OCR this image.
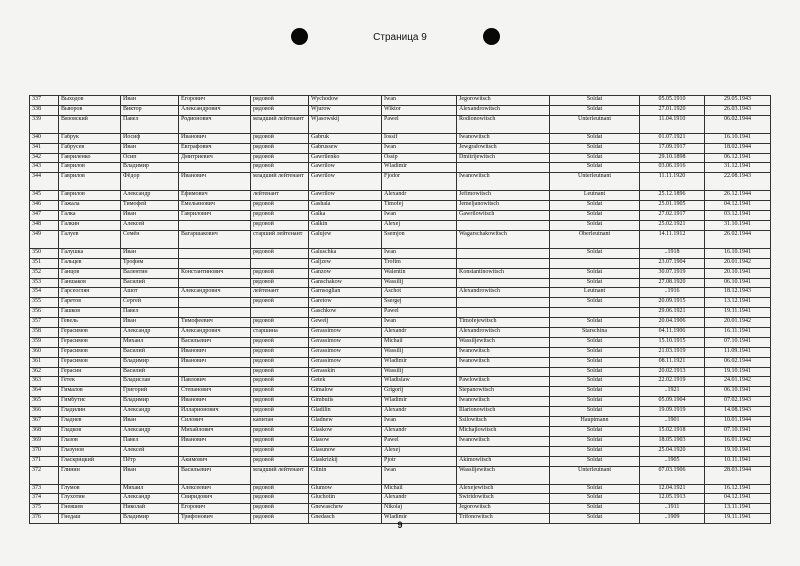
Страница 9
337	Выходов	Иван	Егорович	рядовой	Wychodow	Iwan	Jegorowitsch	Soldat	05.05.1910	29.05.1943
338	Выюров	Виктор	Александрович	рядовой	Wjurow	Wiktor	Alexandrowitsch	Soldat	27.01.1920	26.03.1943
339	Вязовский	Павел	Родионович	младший лейтенант	Wjasowskij	Pawel	Rodionowitsch	Unterleutnant	11.04.1910	06.02.1944
340	Габрук	Иосиф	Иванович	рядовой	Gabruk	Iossif	Iwanowitsch	Soldat	01.07.1921	16.10.1941
341	Габрусев	Иван	Евграфович	рядовой	Gabrussew	Iwan	Jewgrafowitsch	Soldat	17.09.1917	18.02.1944
342	Гавриленко	Осип	Дмитриевич	рядовой	Gawrilenko	Ossip	Dmitrijewitsch	Soldat	29.10.1898	06.12.1941
343	Гаврилов	Владимир		рядовой	Gawrilow	Wladimir		Soldat	03.06.1916	31.12.1941
344	Гаврилов	Фёдор	Иванович	младший лейтенант	Gawrilow	Fjodor	Iwanowitsch	Unterleutnant	11.11.1920	22.08.1943
345	Гаврилов	Александр	Ефимович	лейтенант	Gawrilow	Alexandr	Jefimowitsch	Leutnant	25.12.1896	26.12.1944
346	Гажала	Тимофей	Емельянович	рядовой	Gashala	Timofej	Jemeljanowitsch	Soldat	25.01.1905	04.12.1941
347	Галка	Иван	Гаврилович	рядовой	Galka	Iwan	Gawrilowitsch	Soldat	27.02.1917	03.12.1941
348	Галкин	Алексей		рядовой	Galkin	Alexej		Soldat	25.02.1921	31.10.1941
349	Галуев	Семён	Вагаршакович	старший лейтенант	Galujew	Ssemjon	Wagarschakowitsch	Oberleutnant	14.11.1912	26.02.1944
350	Галушка	Иван		рядовой	Galuschka	Iwan		Soldat	..1918	16.10.1941
351	Гальцев	Трофим			Galjzew	Trofim			23.07.1904	20.01.1942
352	Ганцов	Валентин	Константинович	рядовой	Ganzow	Walentin	Konstantinowitsch	Soldat	30.07.1919	20.10.1941
353	Ганшаков	Василий		рядовой	Ganschakow	Wassilij		Soldat	27.08.1920	06.10.1941
354	Гарсеоглян	Ашот	Александрович	лейтенант	Garnsoglian	Aschot	Alexandrowitsch	Leutnant	..1916	18.12.1943
355	Гаретов	Сергей		рядовой	Garetow	Ssergej		Soldat	20.09.1915	13.12.1941
356	Гашков	Павел			Gaschkow	Pawel			29.06.1921	19.11.1941
357	Гевель	Иван	Тимофеевич	рядовой	Gewelj	Iwan	Timofejewitsch	Soldat	20.04.1906	20.01.1942
358	Герасимов	Александр	Александрович	старшина	Gerassimow	Alexandr	Alexandrowitsch	Starschina	04.11.1906	16.11.1941
359	Герасимов	Михаил	Васильевич	рядовой	Gerassimow	Michail	Wassiljewitsch	Soldat	15.10.1915	07.10.1941
360	Герасимов	Василий	Иванович	рядовой	Gerassimow	Wassilij	Iwanowitsch	Soldat	21.03.1919	11.09.1941
361	Герасимов	Владимир	Иванович	рядовой	Gerassimow	Wladimir	Iwanowitsch	Soldat	08.11.1921	06.02.1944
362	Герасин	Василий		рядовой	Gerasskin	Wassilij		Soldat	20.02.1913	19.10.1941
363	Гетек	Владислав	Павлович	рядовой	Getek	Wladislaw	Pawlowitsch	Soldat	22.02.1919	24.01.1942
364	Гималов	Григорий	Степанович	рядовой	Gimalow	Grigorij	Stepanowitsch	Soldat	..1921	06.10.1941
365	Гимбутис	Владимир	Иванович	рядовой	Gimbutis	Wladimir	Iwanowitsch	Soldat	05.09.1904	07.02.1943
366	Гладилин	Александр	Илларионович	рядовой	Gladilin	Alexandr	Illarionowitsch	Soldat	19.09.1919	14.08.1943
367	Гладнев	Иван	Силович	капитан	Gladnew	Iwan	Ssilowitsch	Hauptmann	..1901	10.01.1944
368	Гладков	Александр	Михайлович	рядовой	Glaskow	Alexandr	Michajlowitsch	Soldat	15.02.1918	07.10.1941
369	Глазов	Павел	Иванович	рядовой	Glasow	Pawel	Iwanowitsch	Soldat	18.05.1903	16.01.1942
370	Глазунов	Алексей		рядовой	Glasunow	Alexej		Soldat	25.04.1920	19.10.1941
371	Глаcкрицкий	Пётр	Акимович	рядовой	Glaskrizkij	Pjotr	Akimowitsch	Soldat	..1905	10.11.1941
372	Глинин	Иван	Васильевич	младший лейтенант	Glinin	Iwan	Wassiljewitsch	Unterleutnant	07.03.1906	28.03.1944
373	Глумов	Михаил	Алексеевич	рядовой	Glumow	Michail	Alexejewitsch	Soldat	12.04.1921	16.12.1941
374	Глухотин	Александр	Свиридович	рядовой	Gluchotin	Alexandr	Swiridowitsch	Soldat	12.05.1913	04.12.1941
375	Гнеяшев	Николай	Егорович	рядовой	Gnewaschew	Nikolaj	Jegorowitsch	Soldat	..1911	13.11.1941
376	Гнедаш	Владимир	Трифонович	рядовой	Gnedasch	Wladimir	Trifonowitsch	Soldat	..1909	19.11.1941
9
